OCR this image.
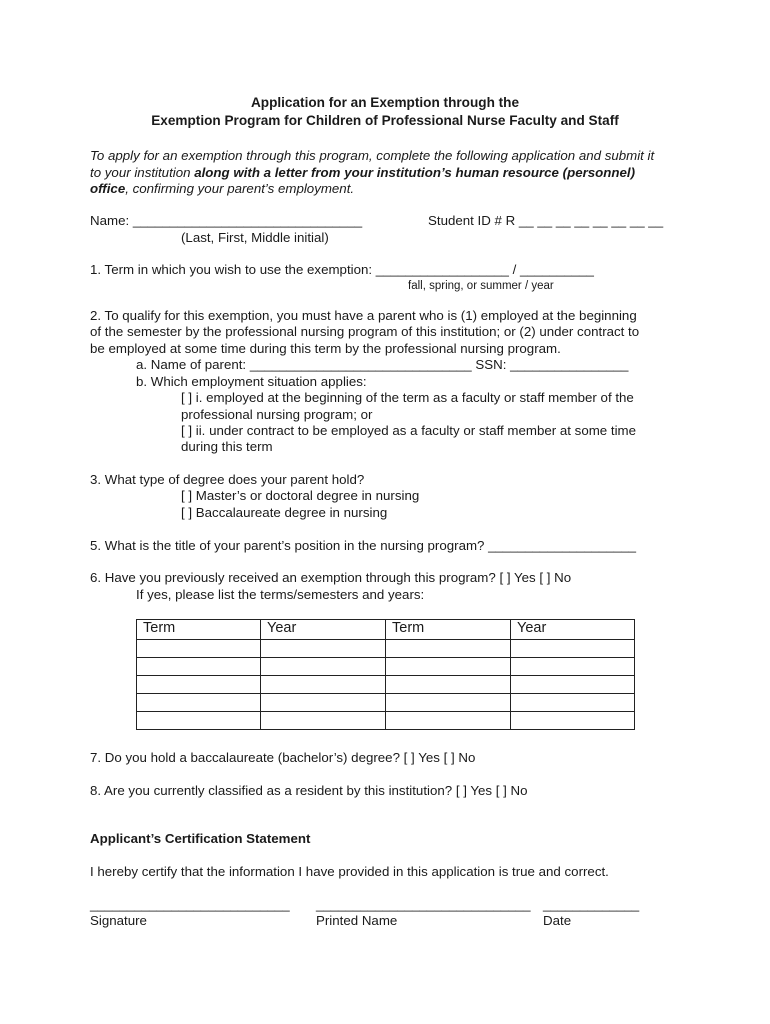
Application for an Exemption through the
Exemption Program for Children of Professional Nurse Faculty and Staff
To apply for an exemption through this program, complete the following application and submit it
to your institution along with a letter from your institution’s human resource (personnel)
office, confirming your parent’s employment.
Name: _______________________________	Student ID # R __ __ __ __ __ __ __ __
(Last, First, Middle initial)
1. Term in which you wish to use the exemption: __________________ / __________
fall, spring, or summer / year
2. To qualify for this exemption, you must have a parent who is (1) employed at the beginning
of the semester by the professional nursing program of this institution; or (2) under contract to
be employed at some time during this term by the professional nursing program.
a. Name of parent: ______________________________ SSN: ________________
b. Which employment situation applies:
[ ] i. employed at the beginning of the term as a faculty or staff member of the
professional nursing program; or
[ ] ii. under contract to be employed as a faculty or staff member at some time
during this term
3. What type of degree does your parent hold?
[ ] Master’s or doctoral degree in nursing
[ ] Baccalaureate degree in nursing
5. What is the title of your parent’s position in the nursing program? ____________________
6. Have you previously received an exemption through this program? [ ] Yes [ ] No
If yes, please list the terms/semesters and years:
Term	Year	Term	Year

7. Do you hold a baccalaureate (bachelor’s) degree? [ ] Yes [ ] No
8. Are you currently classified as a resident by this institution? [ ] Yes [ ] No
Applicant’s Certification Statement
I hereby certify that the information I have provided in this application is true and correct.
___________________________ _____________________________ _____________
Signature	Printed Name	Date
